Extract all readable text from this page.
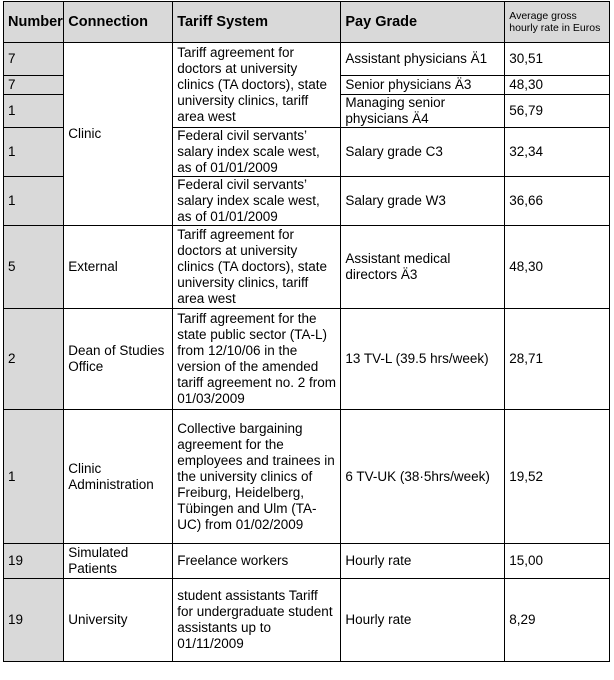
Number	Connection	Tariff System	Pay Grade	Average gross hourly rate in Euros
7	Clinic	Tariff agreement for doctors at university clinics (TA doctors), state university clinics, tariff area west	Assistant physicians Ä1	30,51
7			Senior physicians Ä3	48,30
1			Managing senior physicians Ä4	56,79
1		Federal civil servants’ salary index scale west, as of 01/01/2009	Salary grade C3	32,34
1		Federal civil servants’ salary index scale west, as of 01/01/2009	Salary grade W3	36,66
5	External	Tariff agreement for doctors at university clinics (TA doctors), state university clinics, tariff area west	Assistant medical directors Ä3	48,30
2	Dean of Studies Office	Tariff agreement for the state public sector (TA-L) from 12/10/06 in the version of the amended tariff agreement no. 2 from 01/03/2009	13 TV-L (39.5 hrs/week)	28,71
1	Clinic Administration	Collective bargaining agreement for the employees and trainees in the university clinics of Freiburg, Heidelberg, Tübingen and Ulm (TA-UC) from 01/02/2009	6 TV-UK (38·5hrs/week)	19,52
19	Simulated Patients	Freelance workers	Hourly rate	15,00
19	University	student assistants Tariff for undergraduate student assistants up to 01/11/2009	Hourly rate	8,29
